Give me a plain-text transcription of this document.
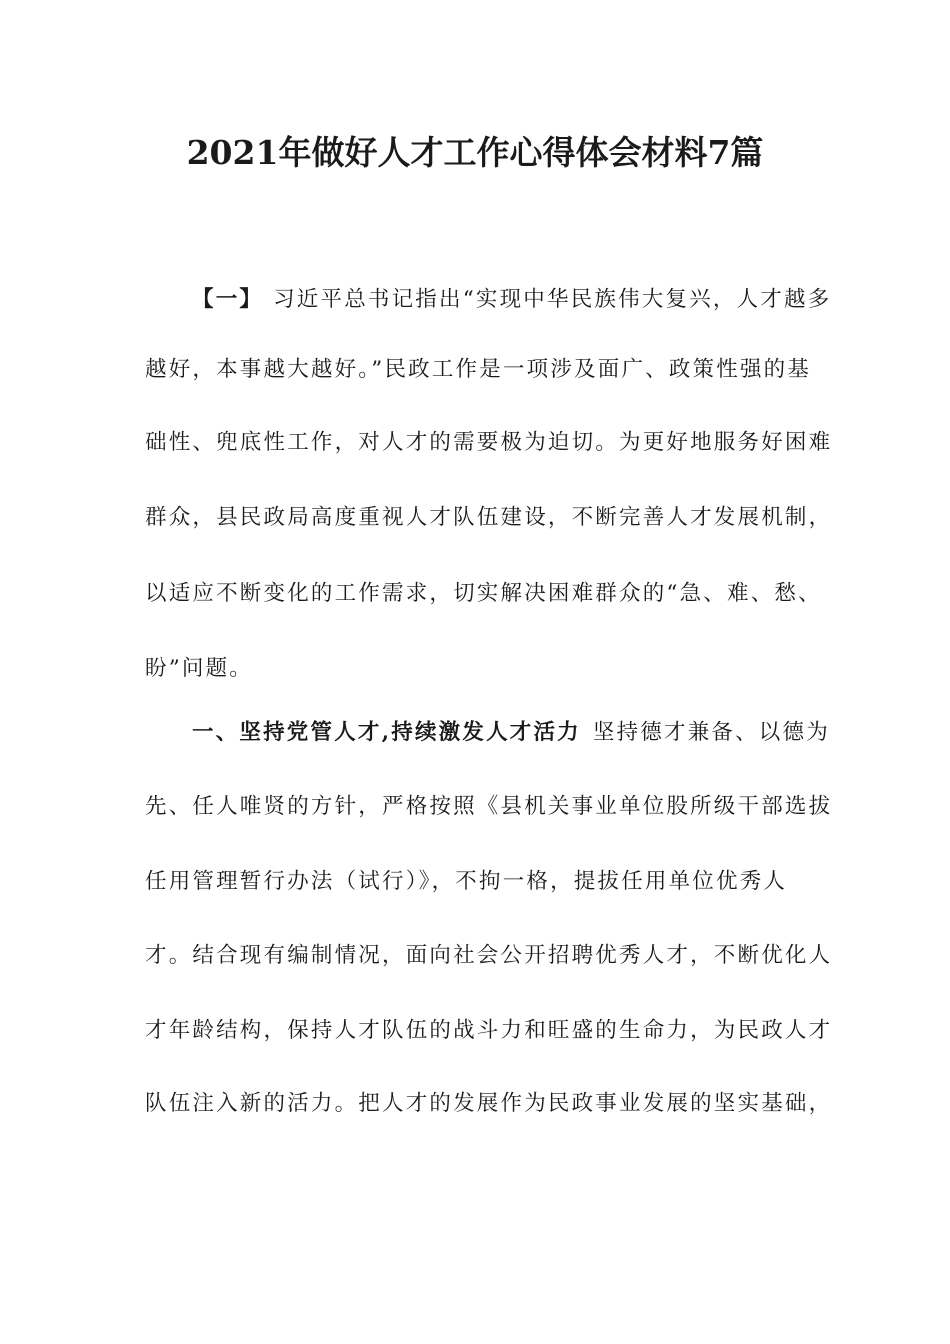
2021年做好人才工作心得体会材料7篇
【一】 习近平总书记指出“实现中华民族伟大复兴，人才越多
越好，本事越大越好。”民政工作是一项涉及面广、政策性强的基
础性、兜底性工作，对人才的需要极为迫切。为更好地服务好困难
群众，县民政局高度重视人才队伍建设，不断完善人才发展机制，
以适应不断变化的工作需求，切实解决困难群众的“急、难、愁、
盼”问题。
一、坚持党管人才,持续激发人才活力 坚持德才兼备、以德为
先、任人唯贤的方针，严格按照《县机关事业单位股所级干部选拔
任用管理暂行办法（试行）》，不拘一格，提拔任用单位优秀人
才。结合现有编制情况，面向社会公开招聘优秀人才，不断优化人
才年龄结构，保持人才队伍的战斗力和旺盛的生命力，为民政人才
队伍注入新的活力。把人才的发展作为民政事业发展的坚实基础，
